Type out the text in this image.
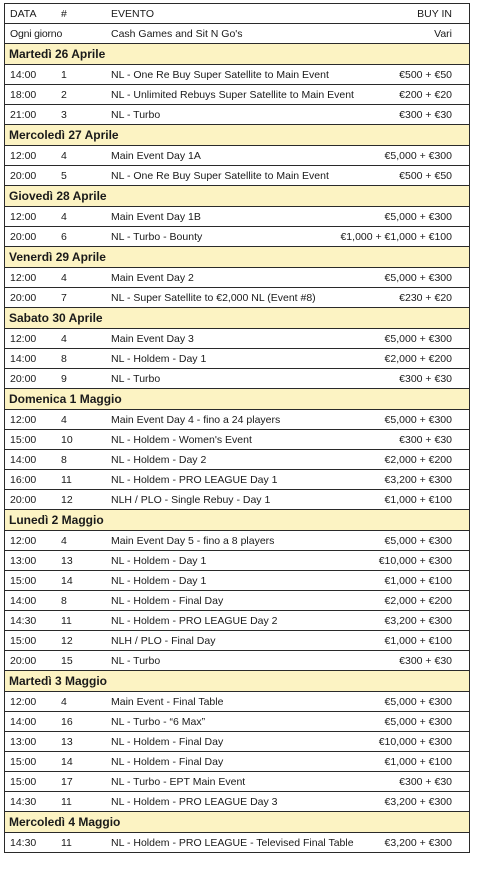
DATA #	EVENTO	BUY IN
Ogni giorno	Cash Games and Sit N Go's	Vari
Martedì 26 Aprile
14:00 1	NL - One Re Buy Super Satellite to Main Event	€500 + €50
18:00 2	NL - Unlimited Rebuys Super Satellite to Main Event	€200 + €20
21:00 3	NL - Turbo	€300 + €30
Mercoledì 27 Aprile
12:00 4	Main Event Day 1A	€5,000 + €300
20:00 5	NL - One Re Buy Super Satellite to Main Event	€500 + €50
Giovedì 28 Aprile
12:00 4	Main Event Day 1B	€5,000 + €300
20:00 6	NL - Turbo - Bounty	€1,000 + €1,000 + €100
Venerdì 29 Aprile
12:00 4	Main Event Day 2	€5,000 + €300
20:00 7	NL - Super Satellite to €2,000 NL (Event #8)	€230 + €20
Sabato 30 Aprile
12:00 4	Main Event Day 3	€5,000 + €300
14:00 8	NL - Holdem - Day 1	€2,000 + €200
20:00 9	NL - Turbo	€300 + €30
Domenica 1 Maggio
12:00 4	Main Event Day 4 - fino a 24 players	€5,000 + €300
15:00 10	NL - Holdem - Women's Event	€300 + €30
14:00 8	NL - Holdem - Day 2	€2,000 + €200
16:00 11	NL - Holdem - PRO LEAGUE Day 1	€3,200 + €300
20:00 12	NLH / PLO - Single Rebuy - Day 1	€1,000 + €100
Lunedì 2 Maggio
12:00 4	Main Event Day 5 - fino a 8 players	€5,000 + €300
13:00 13	NL - Holdem - Day 1	€10,000 + €300
15:00 14	NL - Holdem - Day 1	€1,000 + €100
14:00 8	NL - Holdem - Final Day	€2,000 + €200
14:30 11	NL - Holdem - PRO LEAGUE Day 2	€3,200 + €300
15:00 12	NLH / PLO - Final Day	€1,000 + €100
20:00 15	NL - Turbo	€300 + €30
Martedì 3 Maggio
12:00 4	Main Event - Final Table	€5,000 + €300
14:00 16	NL - Turbo - “6 Max”	€5,000 + €300
13:00 13	NL - Holdem - Final Day	€10,000 + €300
15:00 14	NL - Holdem - Final Day	€1,000 + €100
15:00 17	NL - Turbo - EPT Main Event	€300 + €30
14:30 11	NL - Holdem - PRO LEAGUE Day 3	€3,200 + €300
Mercoledì 4 Maggio
14:30 11	NL - Holdem - PRO LEAGUE - Televised Final Table	€3,200 + €300
